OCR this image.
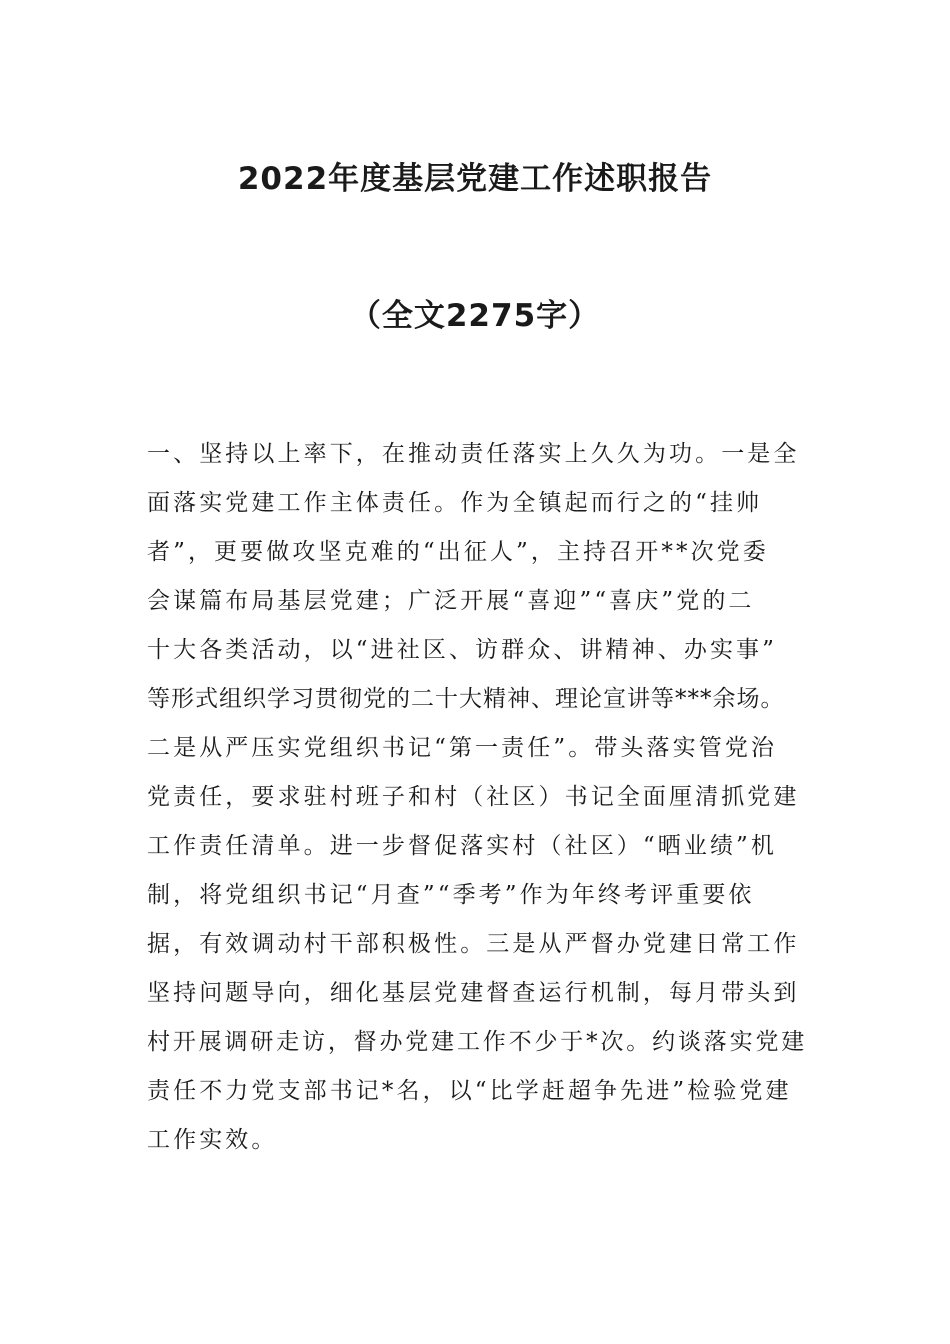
2022年度基层党建工作述职报告
（全文2275字）
一、坚持以上率下，在推动责任落实上久久为功。一是全
面落实党建工作主体责任。作为全镇起而行之的“挂帅
者”，更要做攻坚克难的“出征人”，主持召开**次党委
会谋篇布局基层党建；广泛开展“喜迎”“喜庆”党的二
十大各类活动，以“进社区、访群众、讲精神、办实事”
等形式组织学习贯彻党的二十大精神、理论宣讲等***余场。
二是从严压实党组织书记“第一责任”。带头落实管党治
党责任，要求驻村班子和村（社区）书记全面厘清抓党建
工作责任清单。进一步督促落实村（社区）“晒业绩”机
制，将党组织书记“月查”“季考”作为年终考评重要依
据，有效调动村干部积极性。三是从严督办党建日常工作
坚持问题导向，细化基层党建督查运行机制，每月带头到
村开展调研走访，督办党建工作不少于*次。约谈落实党建
责任不力党支部书记*名，以“比学赶超争先进”检验党建
工作实效。
